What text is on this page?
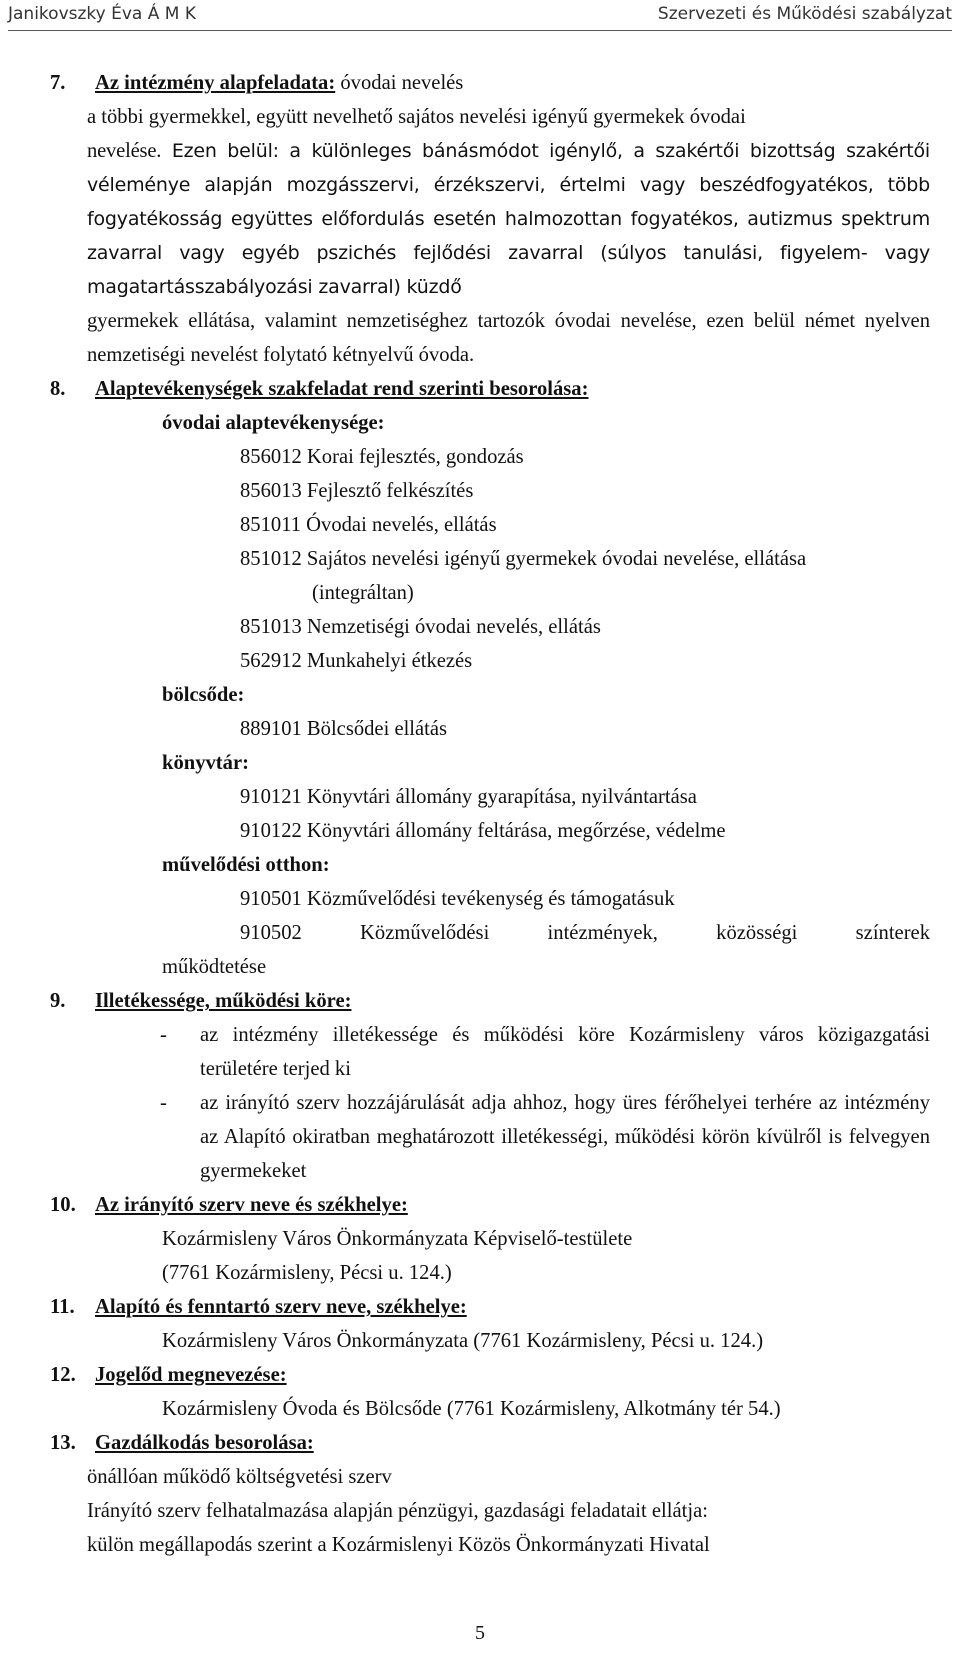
Janikovszky Éva Á M K	Szervezeti és Működési szabályzat

7. Az intézmény alapfeladata: óvodai nevelés

a többi gyermekkel, együtt nevelhető sajátos nevelési igényű gyermekek óvodai

nevelése. Ezen belül: a különleges bánásmódot igénylő, a szakértői bizottság szakértői véleménye alapján mozgásszervi, érzékszervi, értelmi vagy beszédfogyatékos, több fogyatékosság együttes előfordulás esetén halmozottan fogyatékos, autizmus spektrum zavarral vagy egyéb pszichés fejlődési zavarral (súlyos tanulási, figyelem- vagy magatartásszabályozási zavarral) küzdő

gyermekek ellátása, valamint nemzetiséghez tartozók óvodai nevelése, ezen belül német nyelven nemzetiségi nevelést folytató kétnyelvű óvoda.

8. Alaptevékenységek szakfeladat rend szerinti besorolása:

óvodai alaptevékenysége:

856012 Korai fejlesztés, gondozás

856013 Fejlesztő felkészítés

851011 Óvodai nevelés, ellátás

851012 Sajátos nevelési igényű gyermekek óvodai nevelése, ellátása

(integráltan)

851013 Nemzetiségi óvodai nevelés, ellátás

562912 Munkahelyi étkezés

bölcsőde:

889101 Bölcsődei ellátás

könyvtár:

910121 Könyvtári állomány gyarapítása, nyilvántartása

910122 Könyvtári állomány feltárása, megőrzése, védelme

művelődési otthon:

910501 Közművelődési tevékenység és támogatásuk

910502 Közművelődési intézmények, közösségi színterek

működtetése

9. Illetékessége, működési köre:

- az intézmény illetékessége és működési köre Kozármisleny város közigazgatási területére terjed ki

- az irányító szerv hozzájárulását adja ahhoz, hogy üres férőhelyei terhére az intézmény az Alapító okiratban meghatározott illetékességi, működési körön kívülről is felvegyen gyermekeket

10. Az irányító szerv neve és székhelye:

Kozármisleny Város Önkormányzata Képviselő-testülete

(7761 Kozármisleny, Pécsi u. 124.)

11. Alapító és fenntartó szerv neve, székhelye:

Kozármisleny Város Önkormányzata (7761 Kozármisleny, Pécsi u. 124.)

12. Jogelőd megnevezése:

Kozármisleny Óvoda és Bölcsőde (7761 Kozármisleny, Alkotmány tér 54.)

13. Gazdálkodás besorolása:

önállóan működő költségvetési szerv

Irányító szerv felhatalmazása alapján pénzügyi, gazdasági feladatait ellátja:

külön megállapodás szerint a Kozármislenyi Közös Önkormányzati Hivatal

5
